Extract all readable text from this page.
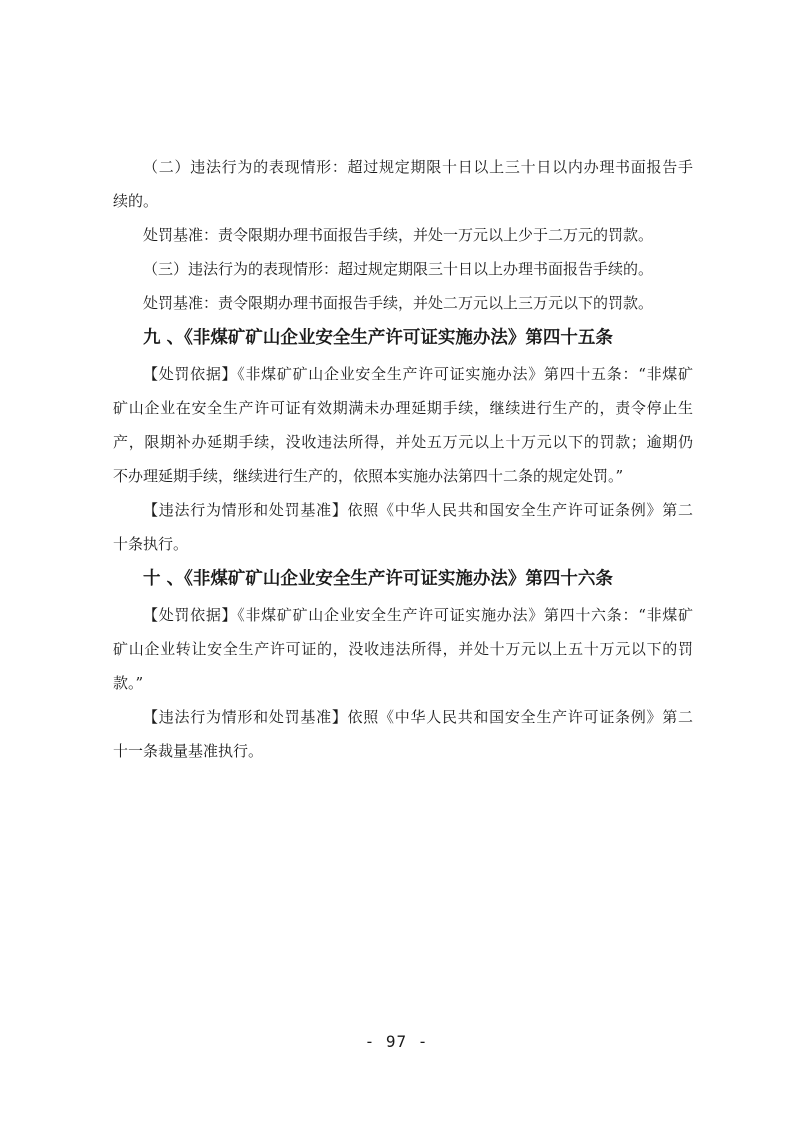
（二）违法行为的表现情形：超过规定期限十日以上三十日以内办理书面报告手
续的。
处罚基准：责令限期办理书面报告手续，并处一万元以上少于二万元的罚款。
（三）违法行为的表现情形：超过规定期限三十日以上办理书面报告手续的。
处罚基准：责令限期办理书面报告手续，并处二万元以上三万元以下的罚款。
九 、《非煤矿矿山企业安全生产许可证实施办法》第四十五条
【处罚依据】《非煤矿矿山企业安全生产许可证实施办法》第四十五条：“非煤矿
矿山企业在安全生产许可证有效期满未办理延期手续，继续进行生产的，责令停止生
产，限期补办延期手续，没收违法所得，并处五万元以上十万元以下的罚款；逾期仍
不办理延期手续，继续进行生产的，依照本实施办法第四十二条的规定处罚。”
【违法行为情形和处罚基准】依照《中华人民共和国安全生产许可证条例》第二
十条执行。
十 、《非煤矿矿山企业安全生产许可证实施办法》第四十六条
【处罚依据】《非煤矿矿山企业安全生产许可证实施办法》第四十六条：“非煤矿
矿山企业转让安全生产许可证的，没收违法所得，并处十万元以上五十万元以下的罚
款。”
【违法行为情形和处罚基准】依照《中华人民共和国安全生产许可证条例》第二
十一条裁量基准执行。
- 97 -
